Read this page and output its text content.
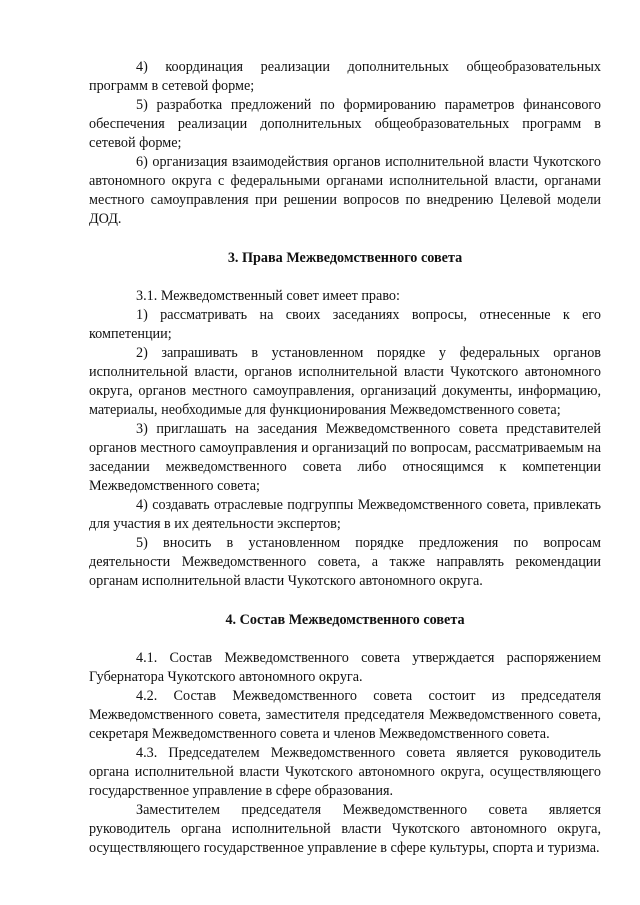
4) координация реализации дополнительных общеобразовательных программ в сетевой форме;

5) разработка предложений по формированию параметров финансового обеспечения реализации дополнительных общеобразовательных программ в сетевой форме;

6) организация взаимодействия органов исполнительной власти Чукотского автономного округа с федеральными органами исполнительной власти, органами местного самоуправления при решении вопросов по внедрению Целевой модели ДОД.

3. Права Межведомственного совета

3.1. Межведомственный совет имеет право:

1) рассматривать на своих заседаниях вопросы, отнесенные к его компетенции;

2) запрашивать в установленном порядке у федеральных органов исполнительной власти, органов исполнительной власти Чукотского автономного округа, органов местного самоуправления, организаций документы, информацию, материалы, необходимые для функционирования Межведомственного совета;

3) приглашать на заседания Межведомственного совета представителей органов местного самоуправления и организаций по вопросам, рассматриваемым на заседании межведомственного совета либо относящимся к компетенции Межведомственного совета;

4) создавать отраслевые подгруппы Межведомственного совета, привлекать для участия в их деятельности экспертов;

5) вносить в установленном порядке предложения по вопросам деятельности Межведомственного совета, а также направлять рекомендации органам исполнительной власти Чукотского автономного округа.

4. Состав Межведомственного совета

4.1. Состав Межведомственного совета утверждается распоряжением Губернатора Чукотского автономного округа.

4.2. Состав Межведомственного совета состоит из председателя Межведомственного совета, заместителя председателя Межведомственного совета, секретаря Межведомственного совета и членов Межведомственного совета.

4.3. Председателем Межведомственного совета является руководитель органа исполнительной власти Чукотского автономного округа, осуществляющего государственное управление в сфере образования.

Заместителем председателя Межведомственного совета является руководитель органа исполнительной власти Чукотского автономного округа, осуществляющего государственное управление в сфере культуры, спорта и туризма.
